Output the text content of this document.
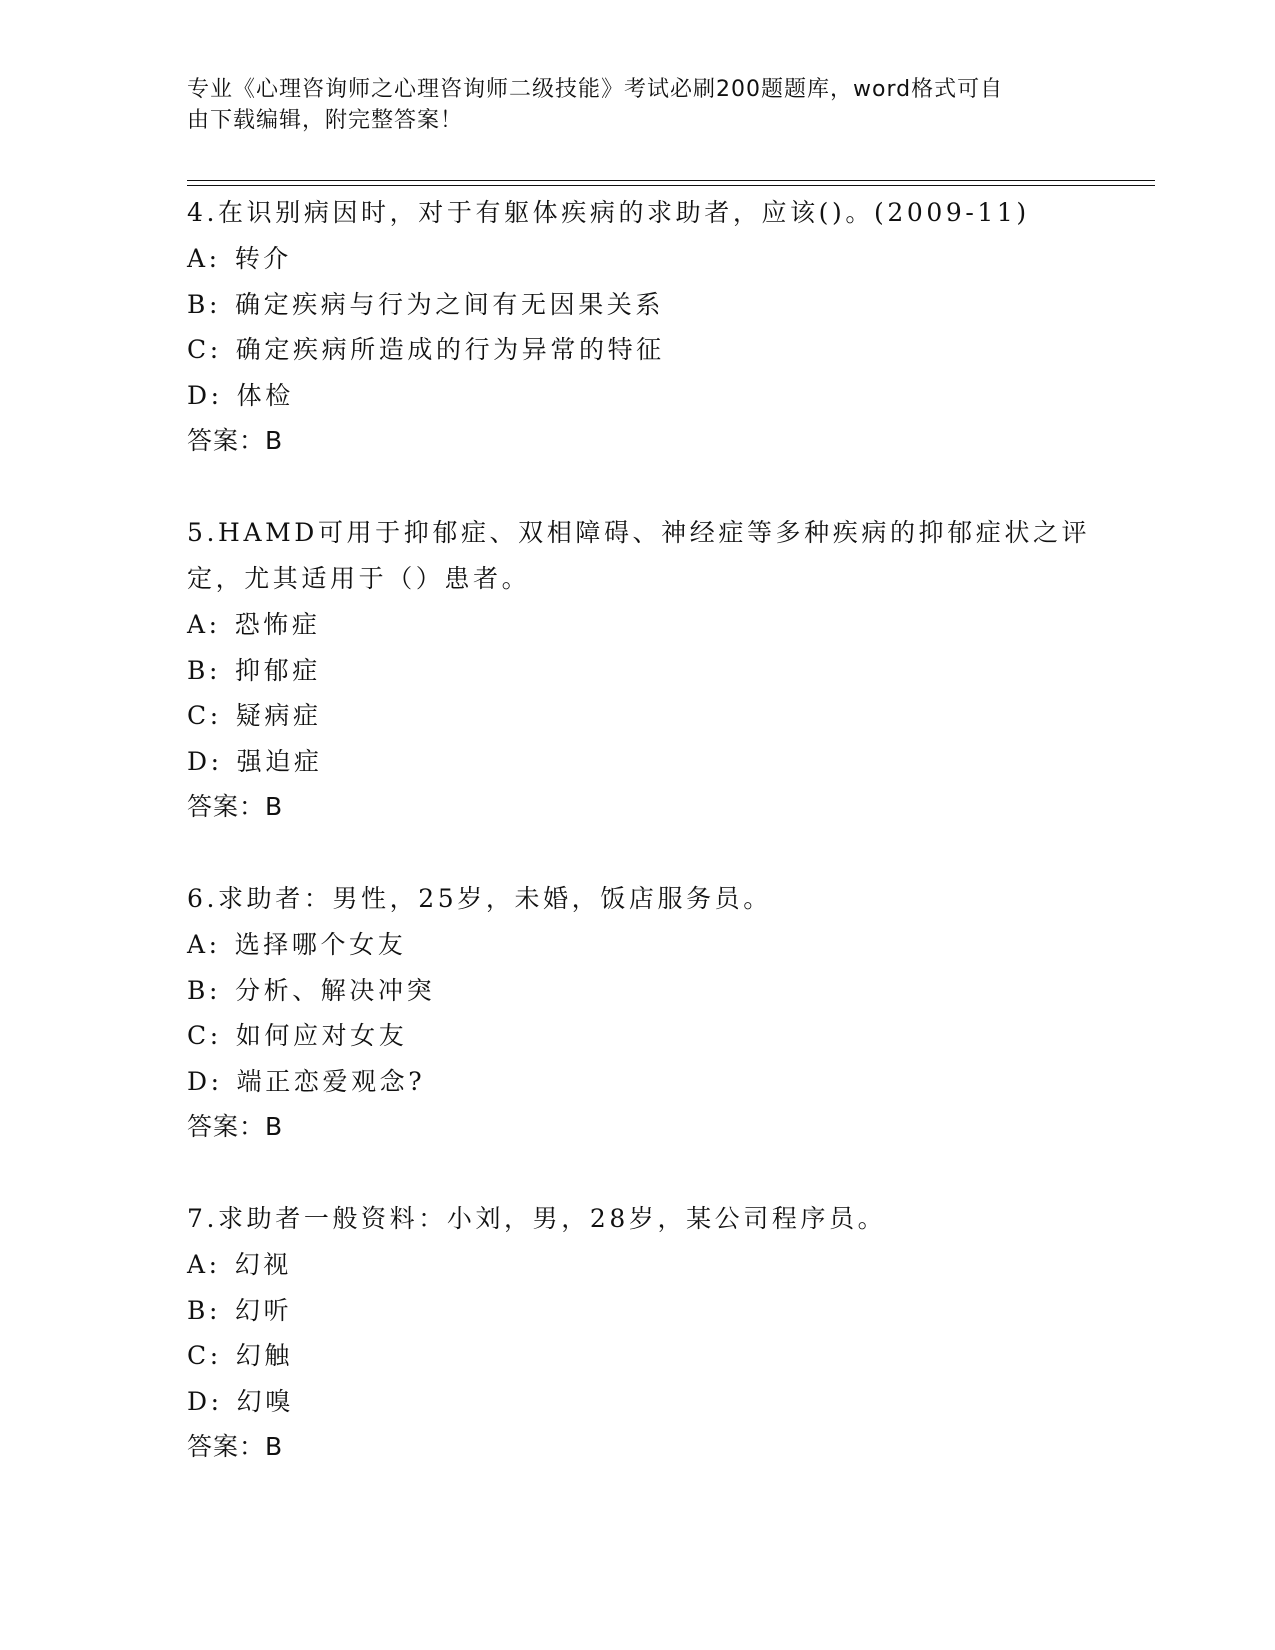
专业《心理咨询师之心理咨询师二级技能》考试必刷200题题库，word格式可自
由下载编辑，附完整答案！
4.在识别病因时，对于有躯体疾病的求助者，应该()。(2009-11)
A: 转介
B: 确定疾病与行为之间有无因果关系
C: 确定疾病所造成的行为异常的特征
D: 体检
答案：B
5.HAMD可用于抑郁症、双相障碍、神经症等多种疾病的抑郁症状之评
定，尤其适用于（）患者。
A: 恐怖症
B: 抑郁症
C: 疑病症
D: 强迫症
答案：B
6.求助者：男性，25岁，未婚，饭店服务员。
A: 选择哪个女友
B: 分析、解决冲突
C: 如何应对女友
D: 端正恋爱观念?
答案：B
7.求助者一般资料：小刘，男，28岁，某公司程序员。
A: 幻视
B: 幻听
C: 幻触
D: 幻嗅
答案：B
